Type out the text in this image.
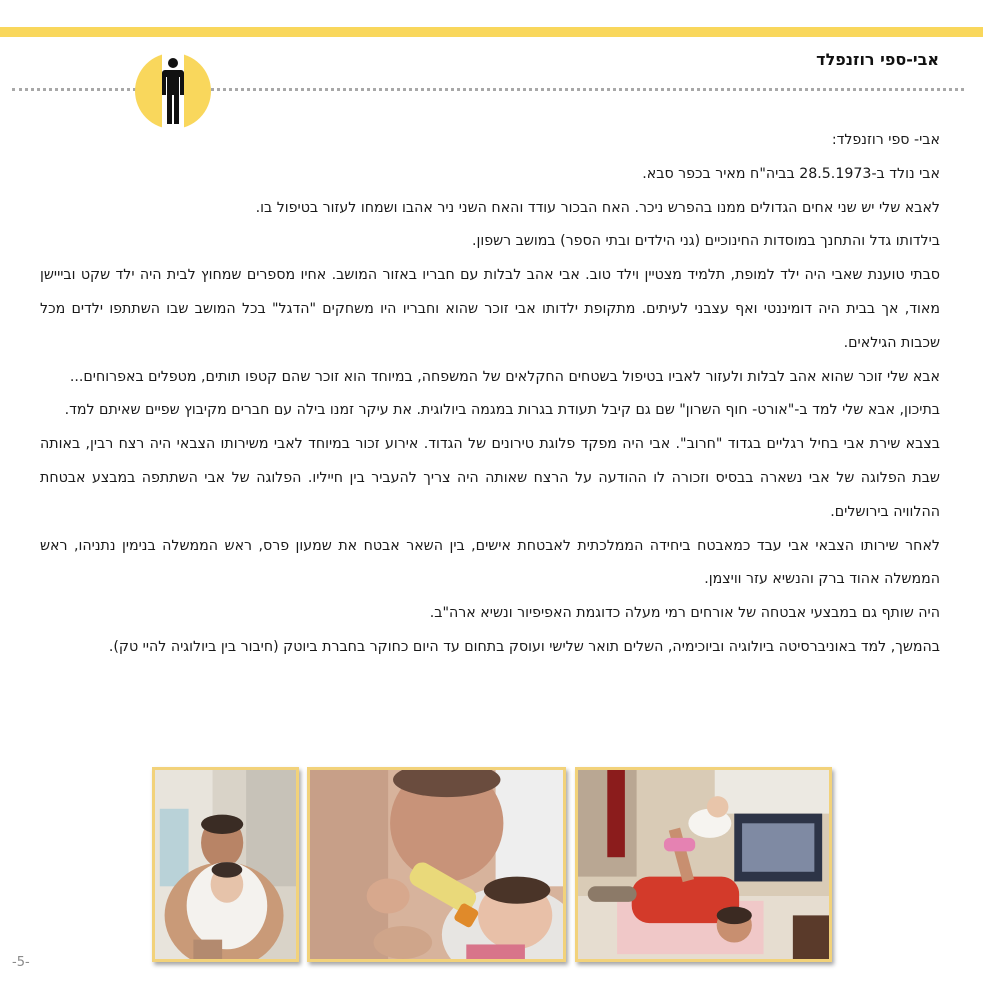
אבי-ספי רוזנפלד

אבי- ספי רוזנפלד:

אבי נולד ב-28.5.1973 בביה"ח מאיר בכפר סבא.

לאבא שלי יש שני אחים הגדולים ממנו בהפרש ניכר. האח הבכור עודד והאח השני ניר אהבו ושמחו לעזור בטיפול בו.

בילדותו גדל והתחנך במוסדות החינוכיים (גני הילדים ובתי הספר) במושב רשפון.

סבתי טוענת שאבי היה ילד למופת, תלמיד מצטיין וילד טוב. אבי אהב לבלות עם חבריו באזור המושב. אחיו מספרים שמחוץ לבית היה ילד שקט ובייישן מאוד, אך בבית היה דומיננטי ואף עצבני לעיתים. מתקופת ילדותו אבי זוכר שהוא וחבריו היו משחקים "הדגל" בכל המושב שבו השתתפו ילדים מכל שכבות הגילאים.

אבא שלי זוכר שהוא אהב לבלות ולעזור לאביו בטיפול בשטחים החקלאים של המשפחה, במיוחד הוא זוכר שהם קטפו תותים, מטפלים באפרוחים...

בתיכון, אבא שלי למד ב-"אורט- חוף השרון" שם גם קיבל תעודת בגרות במגמה ביולוגית. את עיקר זמנו בילה עם חברים מקיבוץ שפיים שאיתם למד.

בצבא שירת אבי בחיל רגליים בגדוד "חרוב". אבי היה מפקד פלוגת טירונים של הגדוד. אירוע זכור במיוחד לאבי משירותו הצבאי היה רצח רבין, באותה שבת הפלוגה של אבי נשארה בבסיס וזכורה לו ההודעה על הרצח שאותה היה צריך להעביר בין חייליו. הפלוגה של אבי השתתפה במבצע אבטחת ההלוויה בירושלים.

לאחר שירותו הצבאי אבי עבד כמאבטח ביחידה הממלכתית לאבטחת אישים, בין השאר אבטח את שמעון פרס, ראש הממשלה בנימין נתניהו, ראש הממשלה אהוד ברק והנשיא עזר וויצמן.

היה שותף גם במבצעי אבטחה של אורחים רמי מעלה כדוגמת האפיפיור ונשיא ארה"ב.

בהמשך, למד באוניברסיטה ביולוגיה וביוכימיה, השלים תואר שלישי ועוסק בתחום עד היום כחוקר בחברת ביוטק (חיבור בין ביולוגיה להיי טק).

-5-
